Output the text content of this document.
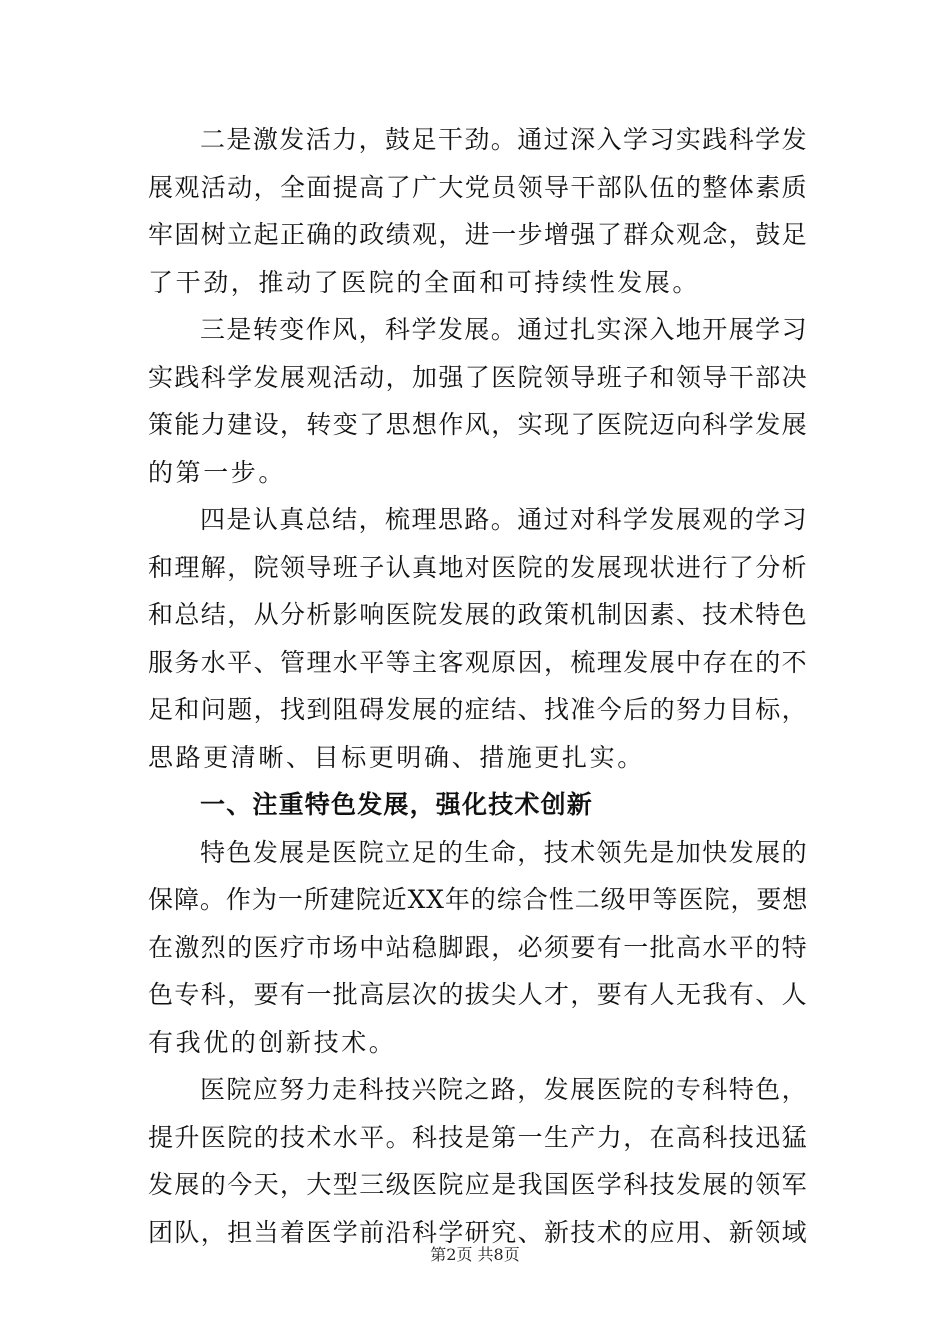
二是激发活力，鼓足干劲。通过深入学习实践科学发
展观活动，全面提高了广大党员领导干部队伍的整体素质
牢固树立起正确的政绩观，进一步增强了群众观念，鼓足
了干劲，推动了医院的全面和可持续性发展。
三是转变作风，科学发展。通过扎实深入地开展学习
实践科学发展观活动，加强了医院领导班子和领导干部决
策能力建设，转变了思想作风，实现了医院迈向科学发展
的第一步。
四是认真总结，梳理思路。通过对科学发展观的学习
和理解，院领导班子认真地对医院的发展现状进行了分析
和总结，从分析影响医院发展的政策机制因素、技术特色
服务水平、管理水平等主客观原因，梳理发展中存在的不
足和问题，找到阻碍发展的症结、找准今后的努力目标，
思路更清晰、目标更明确、措施更扎实。
一、注重特色发展，强化技术创新
特色发展是医院立足的生命，技术领先是加快发展的
保障。作为一所建院近XX年的综合性二级甲等医院，要想
在激烈的医疗市场中站稳脚跟，必须要有一批高水平的特
色专科，要有一批高层次的拔尖人才，要有人无我有、人
有我优的创新技术。
医院应努力走科技兴院之路，发展医院的专科特色，
提升医院的技术水平。科技是第一生产力，在高科技迅猛
发展的今天，大型三级医院应是我国医学科技发展的领军
团队，担当着医学前沿科学研究、新技术的应用、新领域
第2页 共8页
